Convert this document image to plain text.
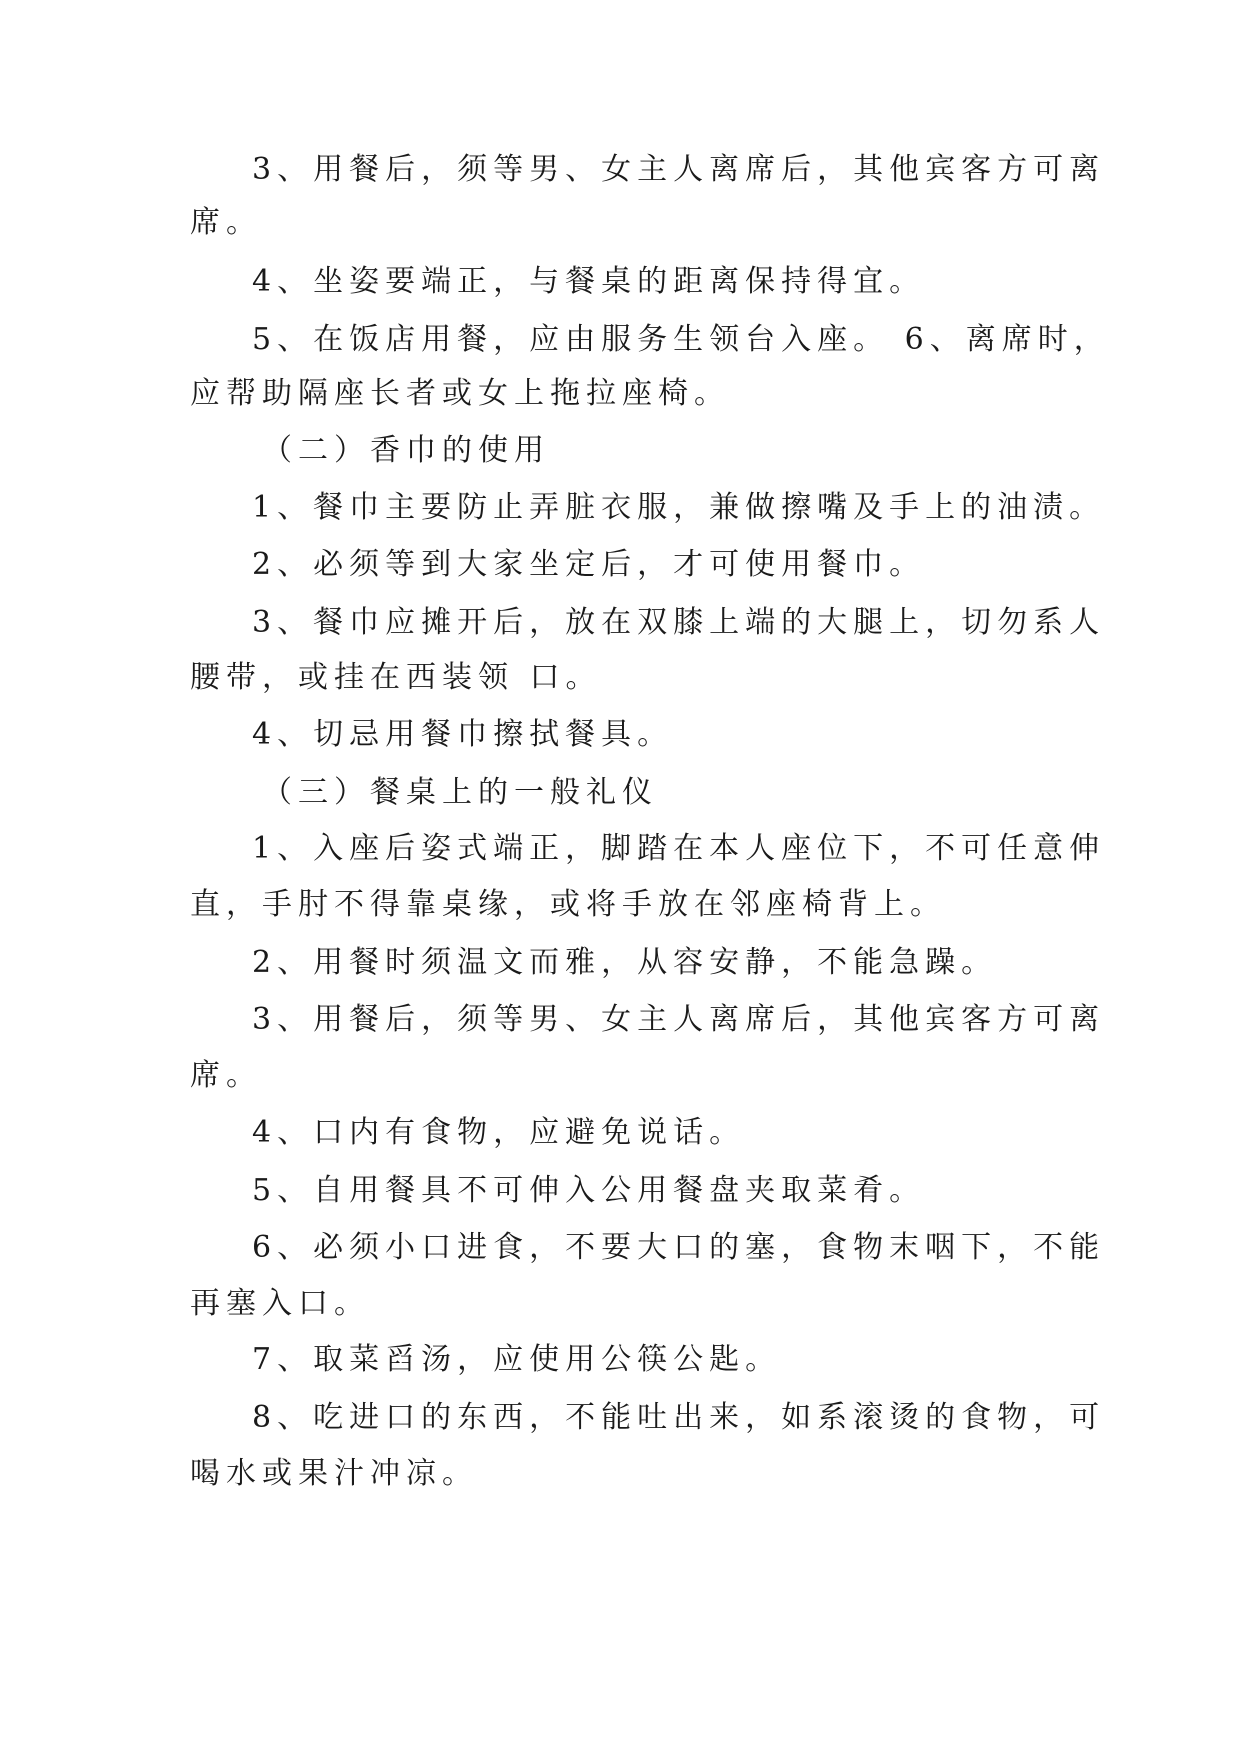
3、用餐后，须等男、女主人离席后，其他宾客方可离
席。
4、坐姿要端正，与餐桌的距离保持得宜。
5、在饭店用餐，应由服务生领台入座。 6、离席时，
应帮助隔座长者或女上拖拉座椅。
（二）香巾的使用
1、餐巾主要防止弄脏衣服，兼做擦嘴及手上的油渍。
2、必须等到大家坐定后，才可使用餐巾。
3、餐巾应摊开后，放在双膝上端的大腿上，切勿系人
腰带，或挂在西装领 口。
4、切忌用餐巾擦拭餐具。
（三）餐桌上的一般礼仪
1、入座后姿式端正，脚踏在本人座位下，不可任意伸
直，手肘不得靠桌缘，或将手放在邻座椅背上。
2、用餐时须温文而雅，从容安静，不能急躁。
3、用餐后，须等男、女主人离席后，其他宾客方可离
席。
4、口内有食物，应避免说话。
5、自用餐具不可伸入公用餐盘夹取菜肴。
6、必须小口进食，不要大口的塞，食物末咽下，不能
再塞入口。
7、取菜舀汤，应使用公筷公匙。
8、吃进口的东西，不能吐出来，如系滚烫的食物，可
喝水或果汁冲凉。
